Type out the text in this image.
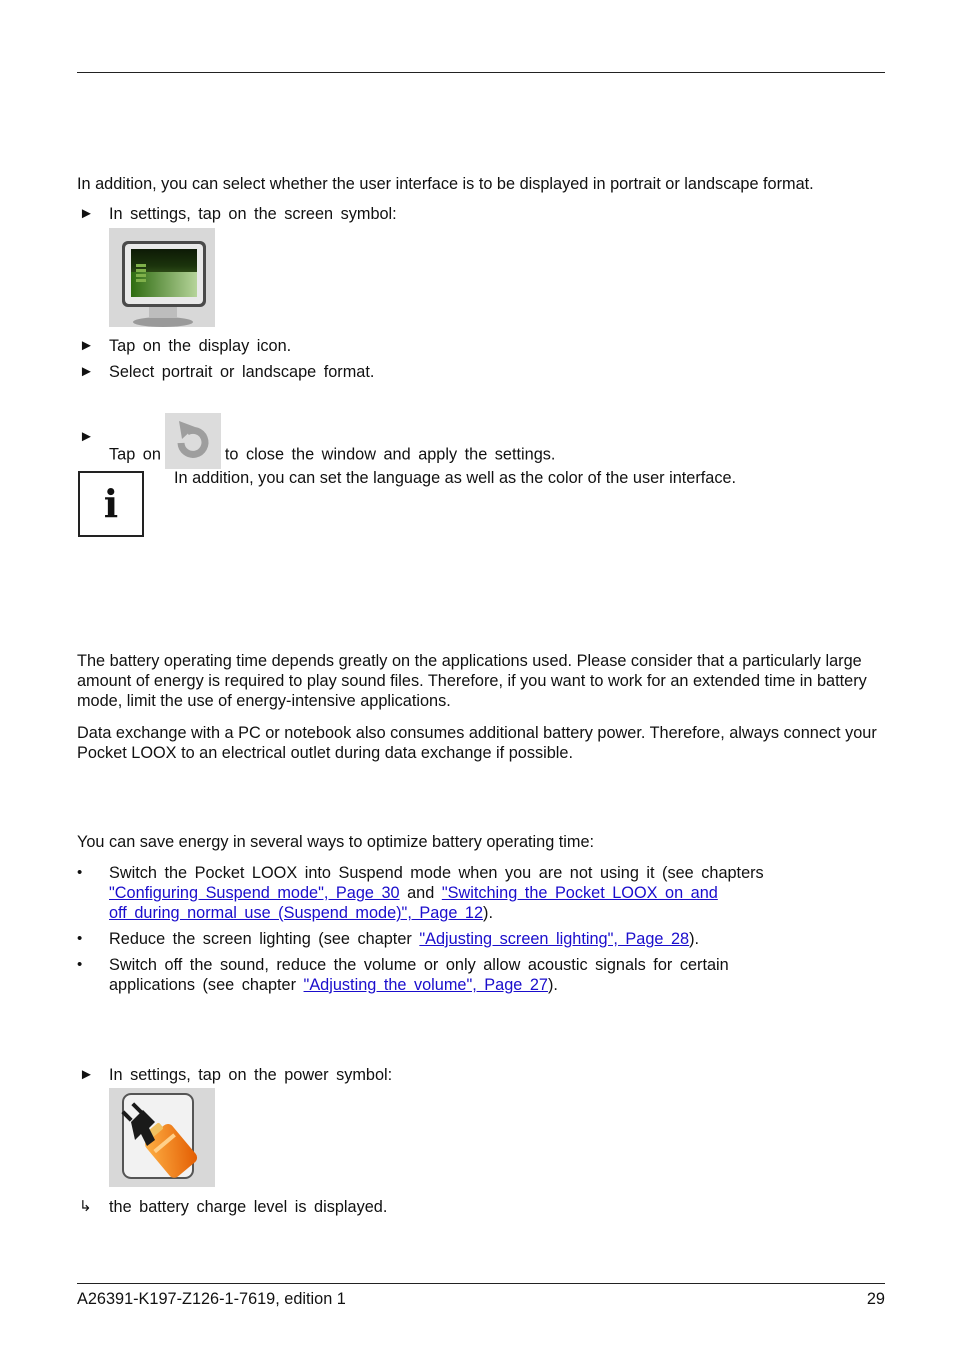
In addition, you can select whether the user interface is to be displayed in portrait or landscape format.

► In settings, tap on the screen symbol:
► Tap on the display icon.
► Select portrait or landscape format.
►
Tap on	to close the window and apply the settings.
i

In addition, you can set the language as well as the color of the user interface.

The battery operating time depends greatly on the applications used. Please consider that a particularly large amount of energy is required to play sound files. Therefore, if you want to work for an extended time in battery mode, limit the use of energy-intensive applications.

Data exchange with a PC or notebook also consumes additional battery power. Therefore, always connect your Pocket LOOX to an electrical outlet during data exchange if possible.

You can save energy in several ways to optimize battery operating time:

• Switch the Pocket LOOX into Suspend mode when you are not using it (see chapters
"Configuring Suspend mode", Page 30 and "Switching the Pocket LOOX on and
off during normal use (Suspend mode)", Page 12).
• Reduce the screen lighting (see chapter "Adjusting screen lighting", Page 28).
• Switch off the sound, reduce the volume or only allow acoustic signals for certain
applications (see chapter "Adjusting the volume", Page 27).
► In settings, tap on the power symbol:
↳ the battery charge level is displayed.
A26391-K197-Z126-1-7619, edition 1	29
